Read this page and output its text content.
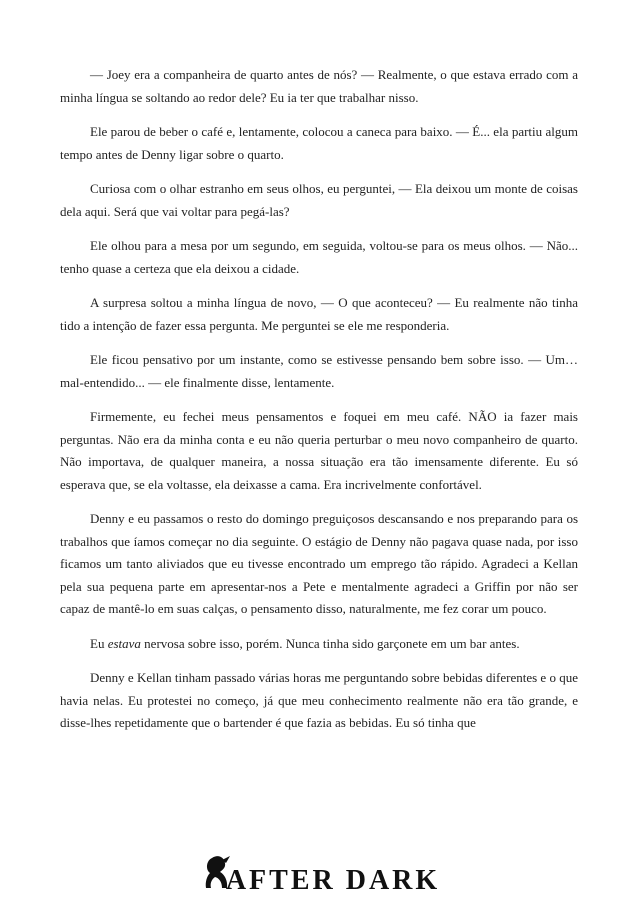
— Joey era a companheira de quarto antes de nós? — Realmente, o que estava errado com a minha língua se soltando ao redor dele? Eu ia ter que trabalhar nisso.

Ele parou de beber o café e, lentamente, colocou a caneca para baixo. — É... ela partiu algum tempo antes de Denny ligar sobre o quarto.

Curiosa com o olhar estranho em seus olhos, eu perguntei, — Ela deixou um monte de coisas dela aqui. Será que vai voltar para pegá-las?

Ele olhou para a mesa por um segundo, em seguida, voltou-se para os meus olhos. — Não... tenho quase a certeza que ela deixou a cidade.

A surpresa soltou a minha língua de novo, — O que aconteceu? — Eu realmente não tinha tido a intenção de fazer essa pergunta. Me perguntei se ele me responderia.

Ele ficou pensativo por um instante, como se estivesse pensando bem sobre isso. — Um… mal-entendido... — ele finalmente disse, lentamente.

Firmemente, eu fechei meus pensamentos e foquei em meu café. NÃO ia fazer mais perguntas. Não era da minha conta e eu não queria perturbar o meu novo companheiro de quarto. Não importava, de qualquer maneira, a nossa situação era tão imensamente diferente. Eu só esperava que, se ela voltasse, ela deixasse a cama. Era incrivelmente confortável.

Denny e eu passamos o resto do domingo preguiçosos descansando e nos preparando para os trabalhos que íamos começar no dia seguinte. O estágio de Denny não pagava quase nada, por isso ficamos um tanto aliviados que eu tivesse encontrado um emprego tão rápido. Agradeci a Kellan pela sua pequena parte em apresentar-nos a Pete e mentalmente agradeci a Griffin por não ser capaz de mantê-lo em suas calças, o pensamento disso, naturalmente, me fez corar um pouco.

Eu estava nervosa sobre isso, porém. Nunca tinha sido garçonete em um bar antes.

Denny e Kellan tinham passado várias horas me perguntando sobre bebidas diferentes e o que havia nelas. Eu protestei no começo, já que meu conhecimento realmente não era tão grande, e disse-lhes repetidamente que o bartender é que fazia as bebidas. Eu só tinha que

AFTER DARK
